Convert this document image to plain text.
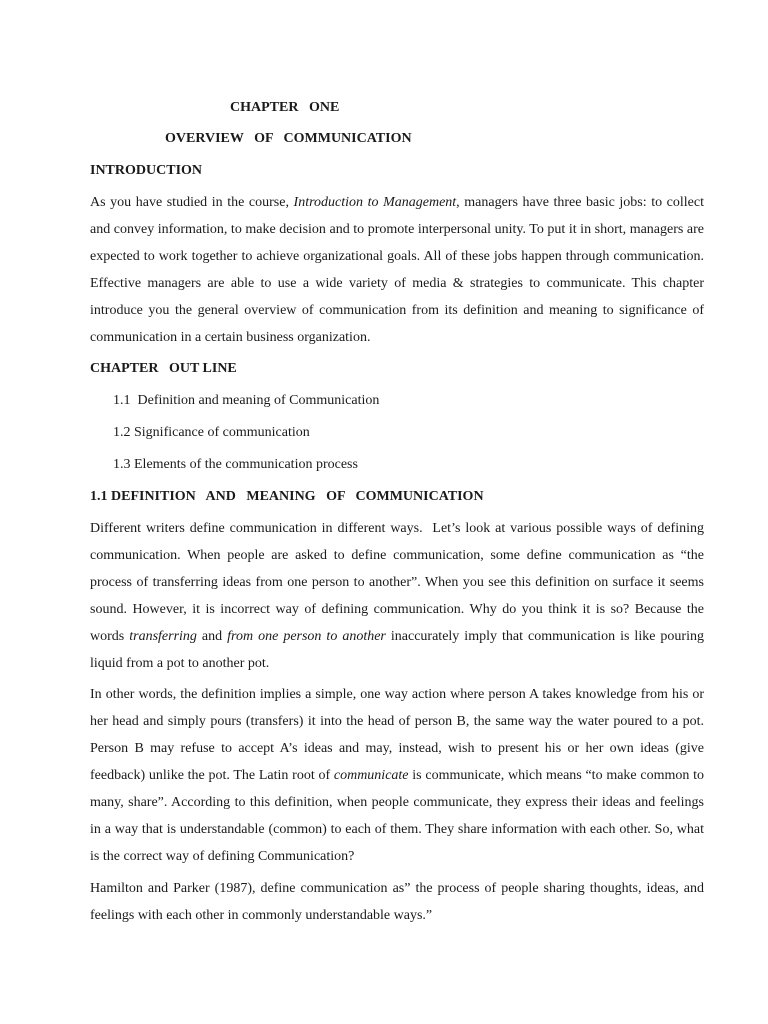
CHAPTER   ONE

OVERVIEW   OF   COMMUNICATION

INTRODUCTION

As you have studied in the course, Introduction to Management, managers have three basic jobs: to collect and convey information, to make decision and to promote interpersonal unity. To put it in short, managers are expected to work together to achieve organizational goals. All of these jobs happen through communication. Effective managers are able to use a wide variety of media & strategies to communicate. This chapter introduce you the general overview of communication from its definition and meaning to significance of communication in a certain business organization.

CHAPTER   OUT LINE

1.1  Definition and meaning of Communication

1.2 Significance of communication

1.3 Elements of the communication process

1.1 DEFINITION   AND   MEANING   OF   COMMUNICATION

Different writers define communication in different ways.  Let’s look at various possible ways of defining communication. When people are asked to define communication, some define communication as “the process of transferring ideas from one person to another”. When you see this definition on surface it seems sound. However, it is incorrect way of defining communication. Why do you think it is so? Because the words transferring and from one person to another inaccurately imply that communication is like pouring liquid from a pot to another pot.

In other words, the definition implies a simple, one way action where person A takes knowledge from his or her head and simply pours (transfers) it into the head of person B, the same way the water poured to a pot. Person B may refuse to accept A’s ideas and may, instead, wish to present his or her own ideas (give feedback) unlike the pot. The Latin root of communicate is communicate, which means “to make common to many, share”. According to this definition, when people communicate, they express their ideas and feelings in a way that is understandable (common) to each of them. They share information with each other. So, what is the correct way of defining Communication?

Hamilton and Parker (1987), define communication as” the process of people sharing thoughts, ideas, and feelings with each other in commonly understandable ways.”
